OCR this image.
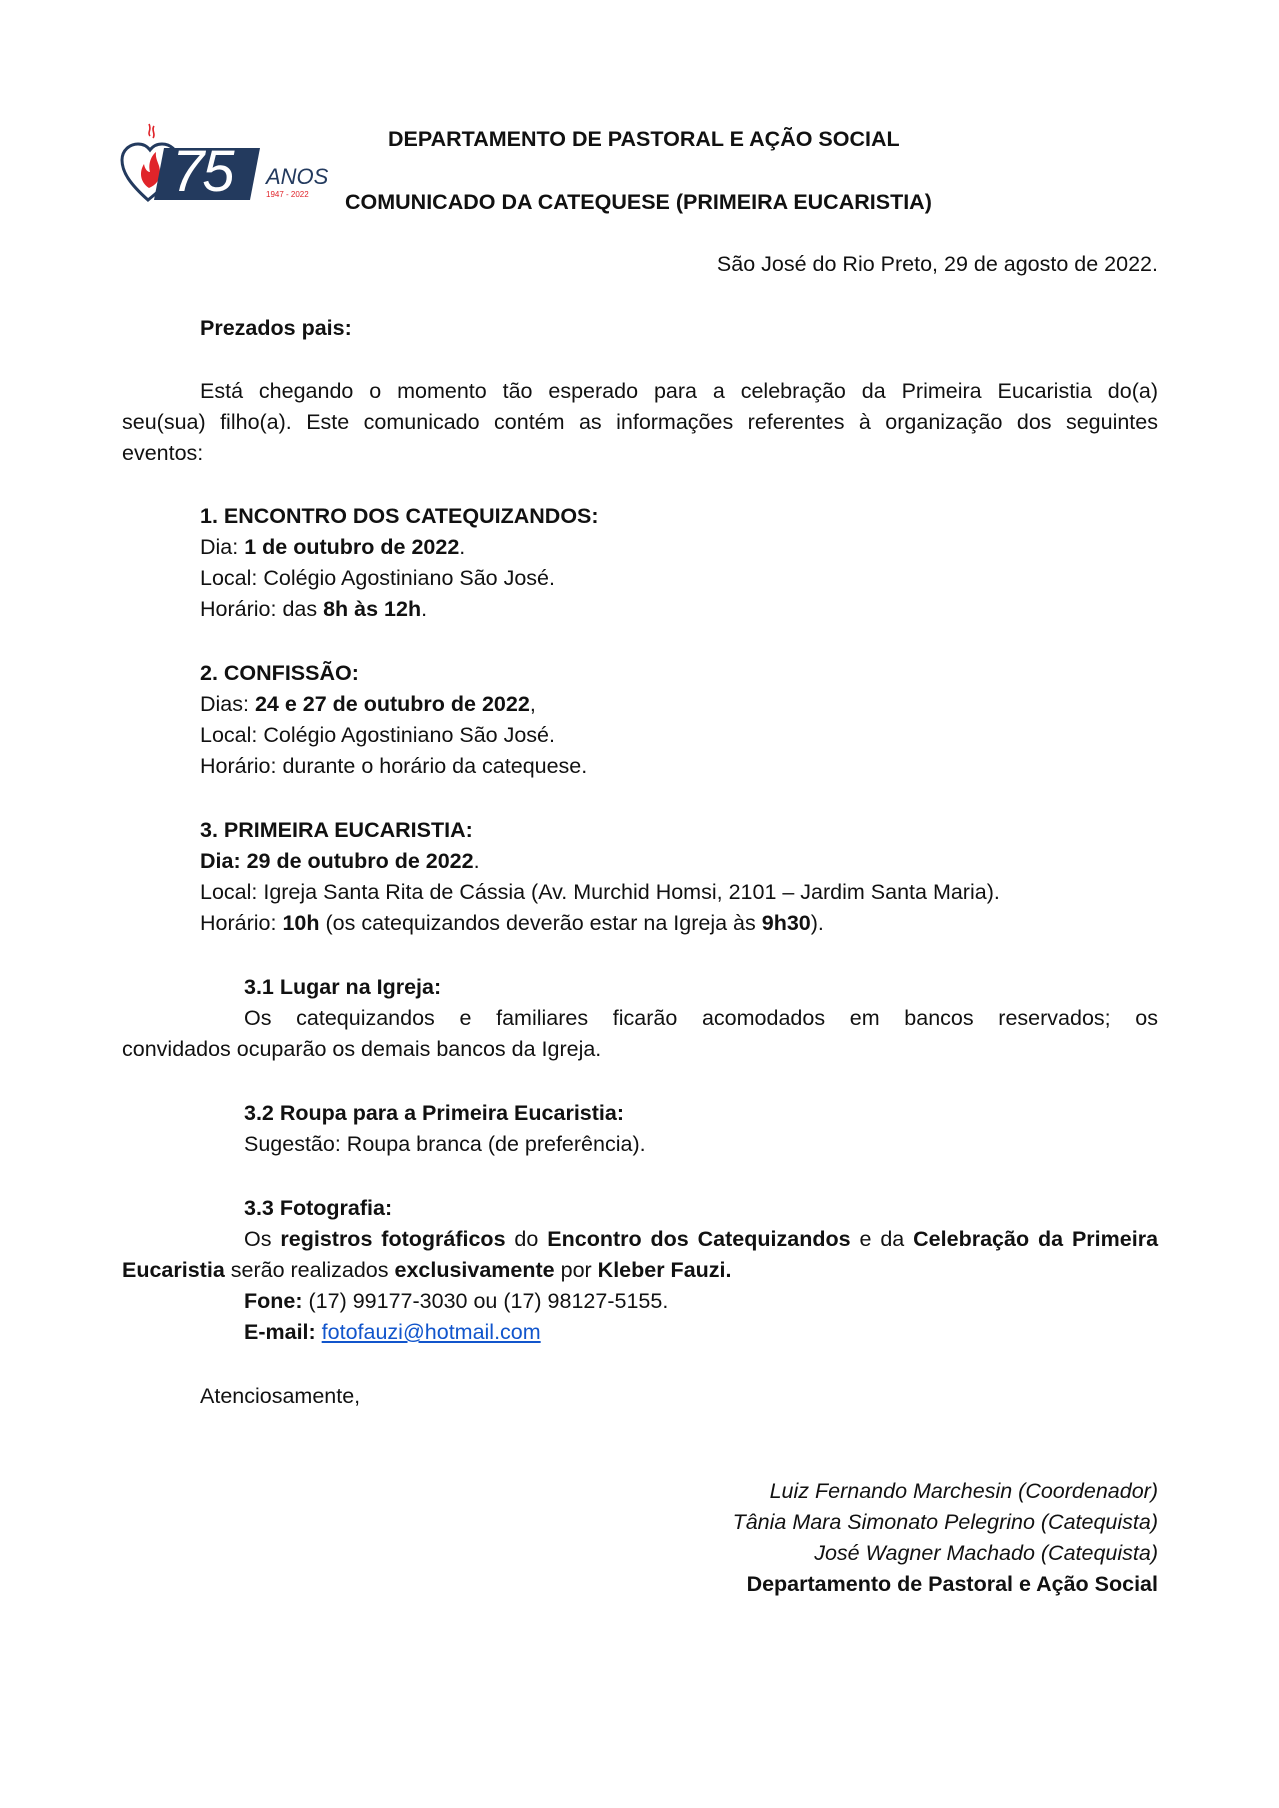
75 ANOS
1947 - 2022
DEPARTAMENTO DE PASTORAL E AÇÃO SOCIAL
COMUNICADO DA CATEQUESE (PRIMEIRA EUCARISTIA)
São José do Rio Preto, 29 de agosto de 2022.
Prezados pais:
Está chegando o momento tão esperado para a celebração da Primeira Eucaristia do(a)
seu(sua) filho(a). Este comunicado contém as informações referentes à organização dos seguintes
eventos:
1. ENCONTRO DOS CATEQUIZANDOS:
Dia: 1 de outubro de 2022.
Local: Colégio Agostiniano São José.
Horário: das 8h às 12h.
2. CONFISSÃO:
Dias: 24 e 27 de outubro de 2022,
Local: Colégio Agostiniano São José.
Horário: durante o horário da catequese.
3. PRIMEIRA EUCARISTIA:
Dia: 29 de outubro de 2022.
Local: Igreja Santa Rita de Cássia (Av. Murchid Homsi, 2101 – Jardim Santa Maria).
Horário: 10h (os catequizandos deverão estar na Igreja às 9h30).
3.1 Lugar na Igreja:
Os catequizandos e familiares ficarão acomodados em bancos reservados; os
convidados ocuparão os demais bancos da Igreja.
3.2 Roupa para a Primeira Eucaristia:
Sugestão: Roupa branca (de preferência).
3.3 Fotografia:
Os registros fotográficos do Encontro dos Catequizandos e da Celebração da Primeira
Eucaristia serão realizados exclusivamente por Kleber Fauzi.
Fone: (17) 99177-3030 ou (17) 98127-5155.
E-mail: fotofauzi@hotmail.com
Atenciosamente,
Luiz Fernando Marchesin (Coordenador)
Tânia Mara Simonato Pelegrino (Catequista)
José Wagner Machado (Catequista)
Departamento de Pastoral e Ação Social
